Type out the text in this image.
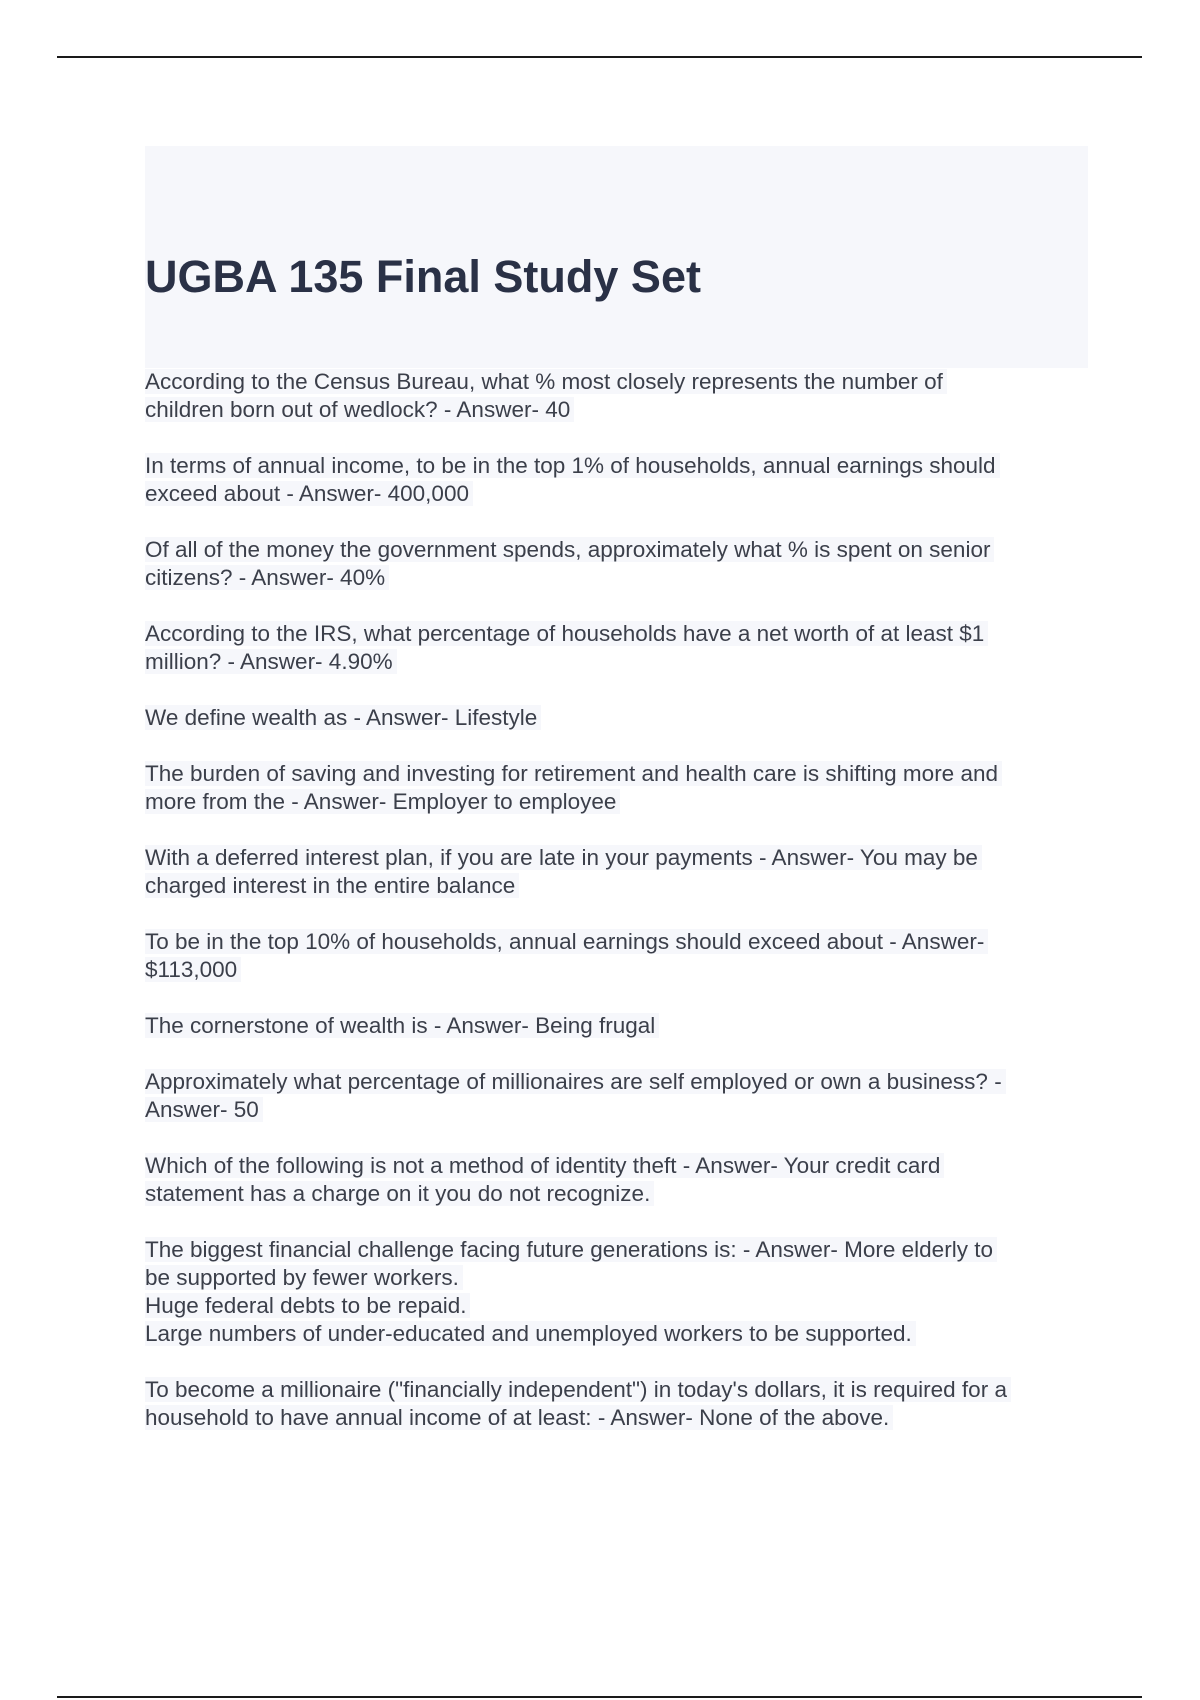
UGBA 135 Final Study Set

According to the Census Bureau, what % most closely represents the number of
children born out of wedlock? - Answer- 40

In terms of annual income, to be in the top 1% of households, annual earnings should
exceed about - Answer- 400,000

Of all of the money the government spends, approximately what % is spent on senior
citizens? - Answer- 40%

According to the IRS, what percentage of households have a net worth of at least $1
million? - Answer- 4.90%

We define wealth as - Answer- Lifestyle

The burden of saving and investing for retirement and health care is shifting more and
more from the - Answer- Employer to employee

With a deferred interest plan, if you are late in your payments - Answer- You may be
charged interest in the entire balance

To be in the top 10% of households, annual earnings should exceed about - Answer-
$113,000

The cornerstone of wealth is - Answer- Being frugal

Approximately what percentage of millionaires are self employed or own a business? -
Answer- 50

Which of the following is not a method of identity theft - Answer- Your credit card
statement has a charge on it you do not recognize.

The biggest financial challenge facing future generations is: - Answer- More elderly to
be supported by fewer workers.
Huge federal debts to be repaid.
Large numbers of under-educated and unemployed workers to be supported.

To become a millionaire ("financially independent") in today's dollars, it is required for a
household to have annual income of at least: - Answer- None of the above.
